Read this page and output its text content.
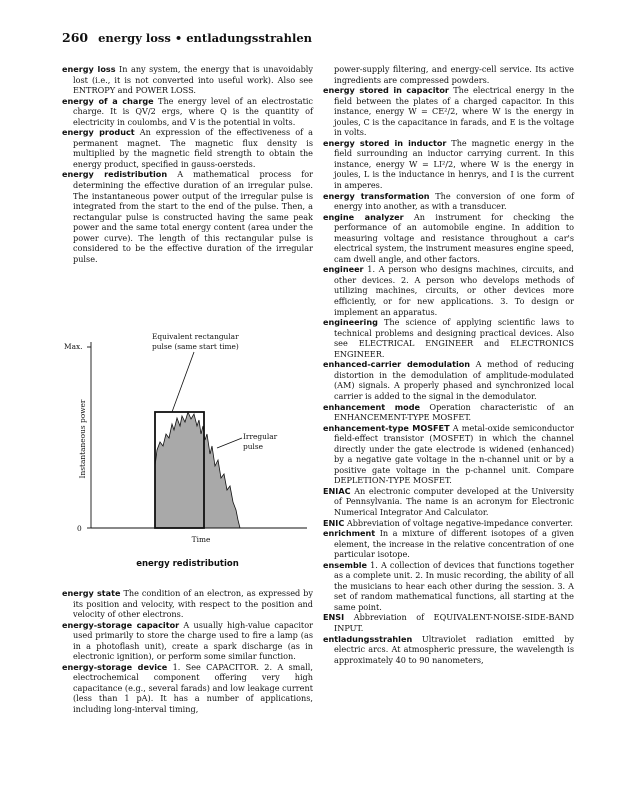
260 energy loss • entladungsstrahlen

energy loss In any system, the energy that is unavoidably lost (i.e., it is not converted into useful work). Also see ENTROPY and POWER LOSS.

energy of a charge The energy level of an electrostatic charge. It is QV/2 ergs, where Q is the quantity of electricity in coulombs, and V is the potential in volts.

energy product An expression of the effectiveness of a permanent magnet. The magnetic flux density is multiplied by the magnetic field strength to obtain the energy product, specified in gauss-oersteds.

energy redistribution A mathematical process for determining the effective duration of an irregular pulse. The instantaneous power output of the irregular pulse is integrated from the start to the end of the pulse. Then, a rectangular pulse is constructed having the same peak power and the same total energy content (area under the power curve). The length of this rectangular pulse is considered to be the effective duration of the irregular pulse.

Max.
0
Instantaneous power
Time
Equivalent rectangular
pulse (same start time)
Irregular
pulse
energy redistribution

energy state The condition of an electron, as expressed by its position and velocity, with respect to the position and velocity of other electrons.

energy-storage capacitor A usually high-value capacitor used primarily to store the charge used to fire a lamp (as in a photoflash unit), create a spark discharge (as in electronic ignition), or perform some similar function.

energy-storage device 1. See CAPACITOR. 2. A small, electrochemical component offering very high capacitance (e.g., several farads) and low leakage current (less than 1 pA). It has a number of applications, including long-interval timing,

power-supply filtering, and energy-cell service. Its active ingredients are compressed powders.

energy stored in capacitor The electrical energy in the field between the plates of a charged capacitor. In this instance, energy W = CE²/2, where W is the energy in joules, C is the capacitance in farads, and E is the voltage in volts.

energy stored in inductor The magnetic energy in the field surrounding an inductor carrying current. In this instance, energy W = LI²/2, where W is the energy in joules, L is the inductance in henrys, and I is the current in amperes.

energy transformation The conversion of one form of energy into another, as with a transducer.

engine analyzer An instrument for checking the performance of an automobile engine. In addition to measuring voltage and resistance throughout a car's electrical system, the instrument measures engine speed, cam dwell angle, and other factors.

engineer 1. A person who designs machines, circuits, and other devices. 2. A person who develops methods of utilizing machines, circuits, or other devices more efficiently, or for new applications. 3. To design or implement an apparatus.

engineering The science of applying scientific laws to technical problems and designing practical devices. Also see ELECTRICAL ENGINEER and ELECTRONICS ENGINEER.

enhanced-carrier demodulation A method of reducing distortion in the demodulation of amplitude-modulated (AM) signals. A properly phased and synchronized local carrier is added to the signal in the demodulator.

enhancement mode Operation characteristic of an ENHANCEMENT-TYPE MOSFET.

enhancement-type MOSFET A metal-oxide semiconductor field-effect transistor (MOSFET) in which the channel directly under the gate electrode is widened (enhanced) by a negative gate voltage in the n-channel unit or by a positive gate voltage in the p-channel unit. Compare DEPLETION-TYPE MOSFET.

ENIAC An electronic computer developed at the University of Pennsylvania. The name is an acronym for Electronic Numerical Integrator And Calculator.

ENIC Abbreviation of voltage negative-impedance converter.

enrichment In a mixture of different isotopes of a given element, the increase in the relative concentration of one particular isotope.

ensemble 1. A collection of devices that functions together as a complete unit. 2. In music recording, the ability of all the musicians to hear each other during the session. 3. A set of random mathematical functions, all starting at the same point.

ENSI Abbreviation of EQUIVALENT-NOISE-SIDE-BAND INPUT.

entladungsstrahlen Ultraviolet radiation emitted by electric arcs. At atmospheric pressure, the wavelength is approximately 40 to 90 nanometers,
